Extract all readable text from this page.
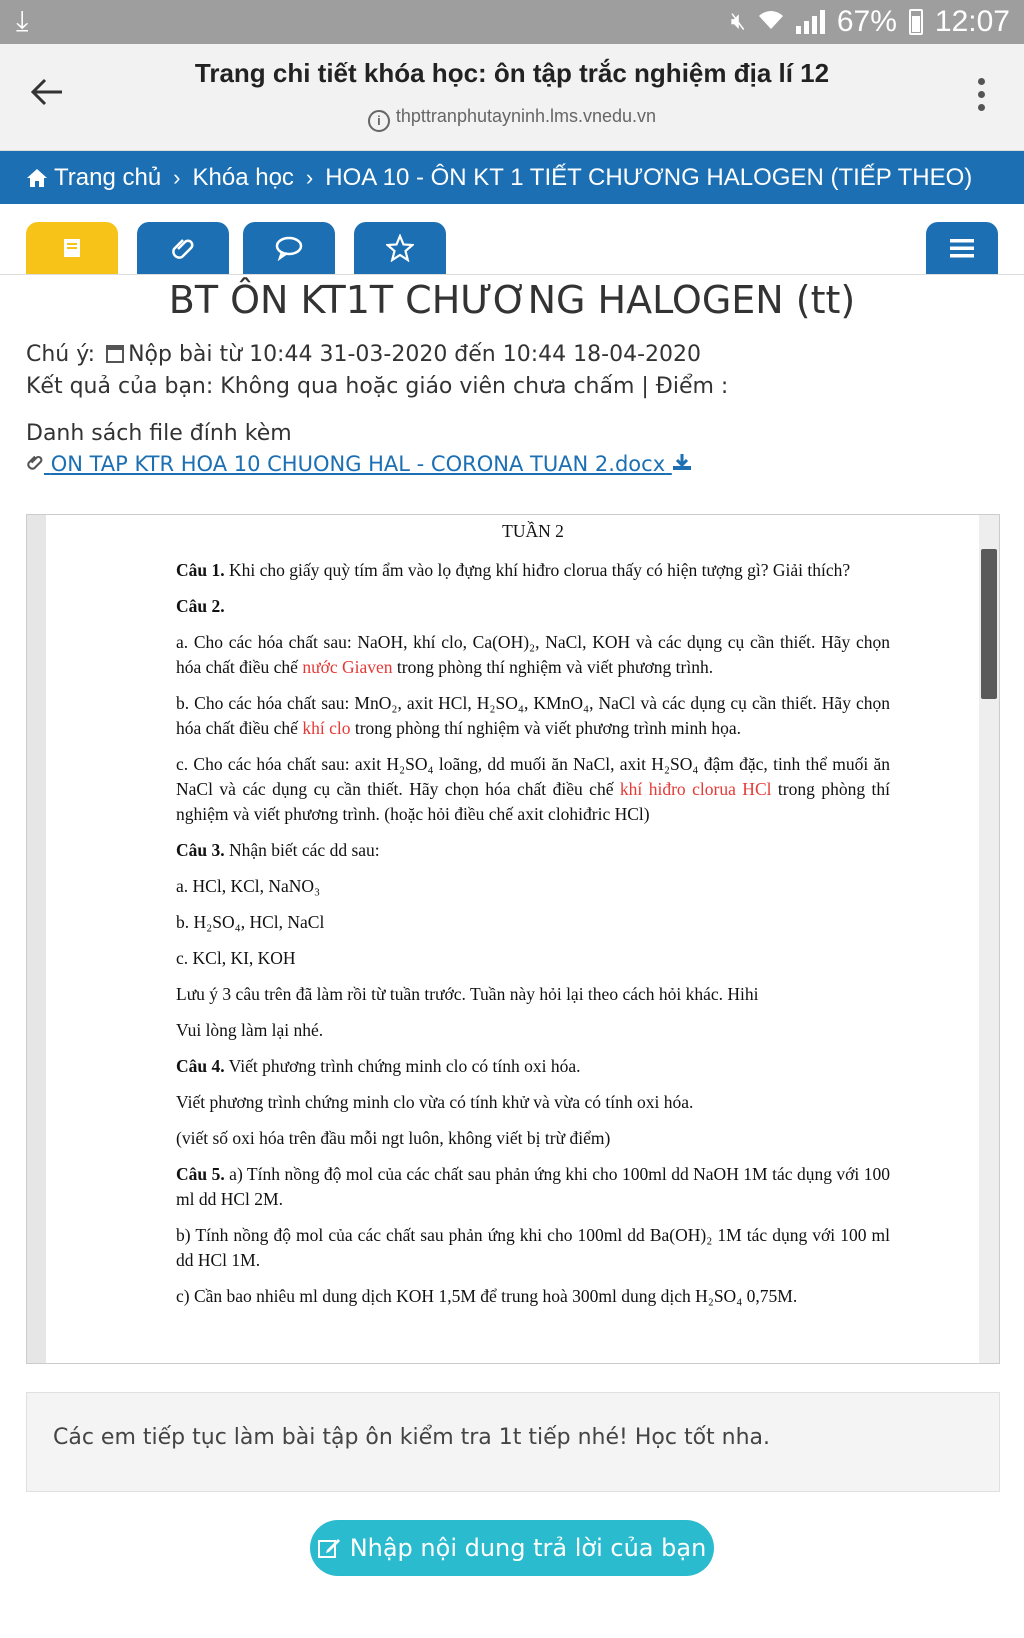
⤓	🔇︎	67% 12:07
Trang chi tiết khóa học: ôn tập trắc nghiệm địa lí 12
i thpttranphutayninh.lms.vnedu.vn
Trang chủ › Khóa học › HOA 10 - ÔN KT 1 TIẾT CHƯƠNG HALOGEN (TIẾP THEO)
BT ÔN KT1T CHƯƠNG HALOGEN (tt)
Chú ý: Nộp bài từ 10:44 31-03-2020 đến 10:44 18-04-2020
Kết quả của bạn: Không qua hoặc giáo viên chưa chấm | Điểm :
Danh sách file đính kèm
ON TAP KTR HOA 10 CHUONG HAL - CORONA TUAN 2.docx

TUẦN 2

Câu 1. Khi cho giấy quỳ tím ẩm vào lọ đựng khí hiđro clorua thấy có hiện tượng gì? Giải thích?

Câu 2.

a. Cho các hóa chất sau: NaOH, khí clo, Ca(OH)₂, NaCl, KOH và các dụng cụ cần thiết. Hãy chọn hóa chất điều chế nước Giaven trong phòng thí nghiệm và viết phương trình.

b. Cho các hóa chất sau: MnO₂, axit HCl, H₂SO₄, KMnO₄, NaCl và các dụng cụ cần thiết. Hãy chọn hóa chất điều chế khí clo trong phòng thí nghiệm và viết phương trình minh họa.

c. Cho các hóa chất sau: axit H₂SO₄ loãng, dd muối ăn NaCl, axit H₂SO₄ đậm đặc, tinh thể muối ăn NaCl và các dụng cụ cần thiết. Hãy chọn hóa chất điều chế khí hiđro clorua HCl trong phòng thí nghiệm và viết phương trình. (hoặc hỏi điều chế axit clohiđric HCl)

Câu 3. Nhận biết các dd sau:

a. HCl, KCl, NaNO₃

b. H₂SO₄, HCl, NaCl

c. KCl, KI, KOH

Lưu ý 3 câu trên đã làm rồi từ tuần trước. Tuần này hỏi lại theo cách hỏi khác. Hihi

Vui lòng làm lại nhé.

Câu 4. Viết phương trình chứng minh clo có tính oxi hóa.

Viết phương trình chứng minh clo vừa có tính khử và vừa có tính oxi hóa.

(viết số oxi hóa trên đầu mỗi ngt luôn, không viết bị trừ điểm)

Câu 5. a) Tính nồng độ mol của các chất sau phản ứng khi cho 100ml dd NaOH 1M tác dụng với 100 ml dd HCl 2M.

b) Tính nồng độ mol của các chất sau phản ứng khi cho 100ml dd Ba(OH)₂ 1M tác dụng với 100 ml dd HCl 1M.

c) Cần bao nhiêu ml dung dịch KOH 1,5M để trung hoà 300ml dung dịch H₂SO₄ 0,75M.

Các em tiếp tục làm bài tập ôn kiểm tra 1t tiếp nhé! Học tốt nha.
Nhập nội dung trả lời của bạn
